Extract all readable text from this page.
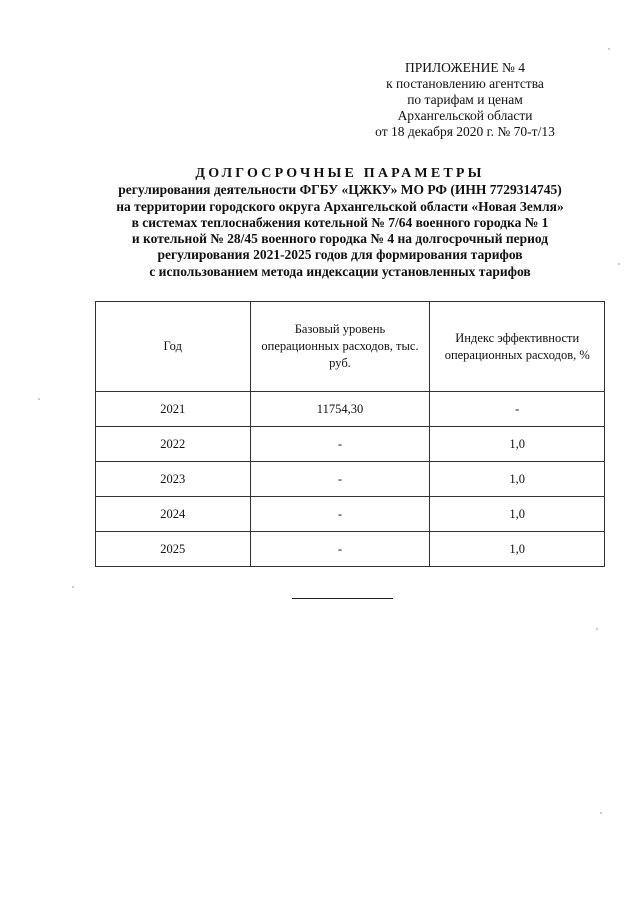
ПРИЛОЖЕНИЕ № 4
к постановлению агентства
по тарифам и ценам
Архангельской области
от 18 декабря 2020 г. № 70-т/13
ДОЛГОСРОЧНЫЕ ПАРАМЕТРЫ
регулирования деятельности ФГБУ «ЦЖКУ» МО РФ (ИНН 7729314745)
на территории городского округа Архангельской области «Новая Земля»
в системах теплоснабжения котельной № 7/64 военного городка № 1
и котельной № 28/45 военного городка № 4 на долгосрочный период
регулирования 2021-2025 годов для формирования тарифов
с использованием метода индексации установленных тарифов
Год	Базовый уровень операционных расходов, тыс. руб.	Индекс эффективности операционных расходов, %
2021	11754,30	-
2022	-	1,0
2023	-	1,0
2024	-	1,0
2025	-	1,0
